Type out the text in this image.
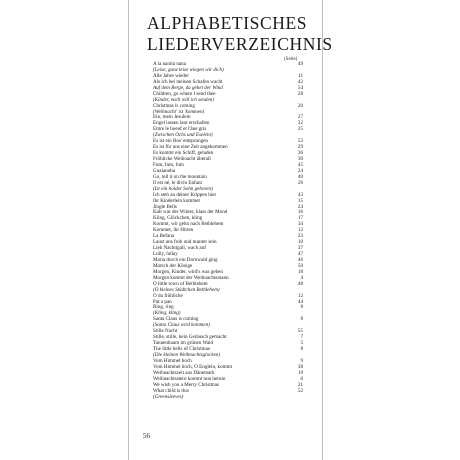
ALPHABETISCHES
LIEDERVERZEICHNIS
(Seite)
A la nanita nana	49
(Leise, ganz leise wiegen wir dich)
Alle Jahre wieder	11
Als ich bei meinen Schafen wacht	42
Auf dem Berge, da gehet der Wind	54
Children, go where I send thee	28
(Kinder, euch will ich senden)
Christmas is coming	20
(Weihnacht' ist 'kommen)
Ein, mein Jesulein	27
Engel lassen laut erschallen	32
Entre le boeuf et l'âne gris	25
(Zwischen Ochs und Eselein)
Es ist ein Ros' entsprungen	53
Es ist für uns eine Zeit angekommen	29
Es kommt ein Schiff, geladen	36
Fröhliche Weihnacht überall	30
Fum, fum, fum	45
Guaianuba	24
Go, tell it on the mountain	40
Il est né, le divin Enfant	26
(Ist ein holder Sohn geboren)
Ich steh an deiner Krippen hier	43
Ihr Kinderlein kommet	15
Jingle Bells	24
Kalt war der Winter, blass der Mond	16
Kling, Glöckchen, kling	17
Kommt, wir gehn nach Bethlehem	34
Kommet, ihr Hirten	12
La Befana	23
Laust uns froh und munter sein	10
Lieb Nachtigall, wach auf	37
Lully, lullay	47
Maria durch ein Dornwald ging	46
Marsch der Könige	50
Morgen, Kinder, wird's was geben	18
Morgen kommt der Weihnachtsmann	4
O little town of Bethlehem	48
(O kleines Städtchen Bethlehem)
O du fröhliche	12
Pat a pan	44
Ring, ring	8
(Kling, kling)
Santa Claus is coming	8
(Santa Claus wird kommen)
Stille Nacht	55
Stille, stille, kein Geräusch gemacht	7
Tannenbaum im grünen Wald	5
The little bells of Christmas	8
(Die kleinen Weihnachtsglocken)
Vom Himmel hoch	9
Vom Himmel hoch, O Englein, kommt	38
Weihnachtszeit aus Dänemark	19
Weihnachtsstern kommt nun herum	6
We wish you a Merry Christmas	21
What child is this	52
(Greensleeves)
56
